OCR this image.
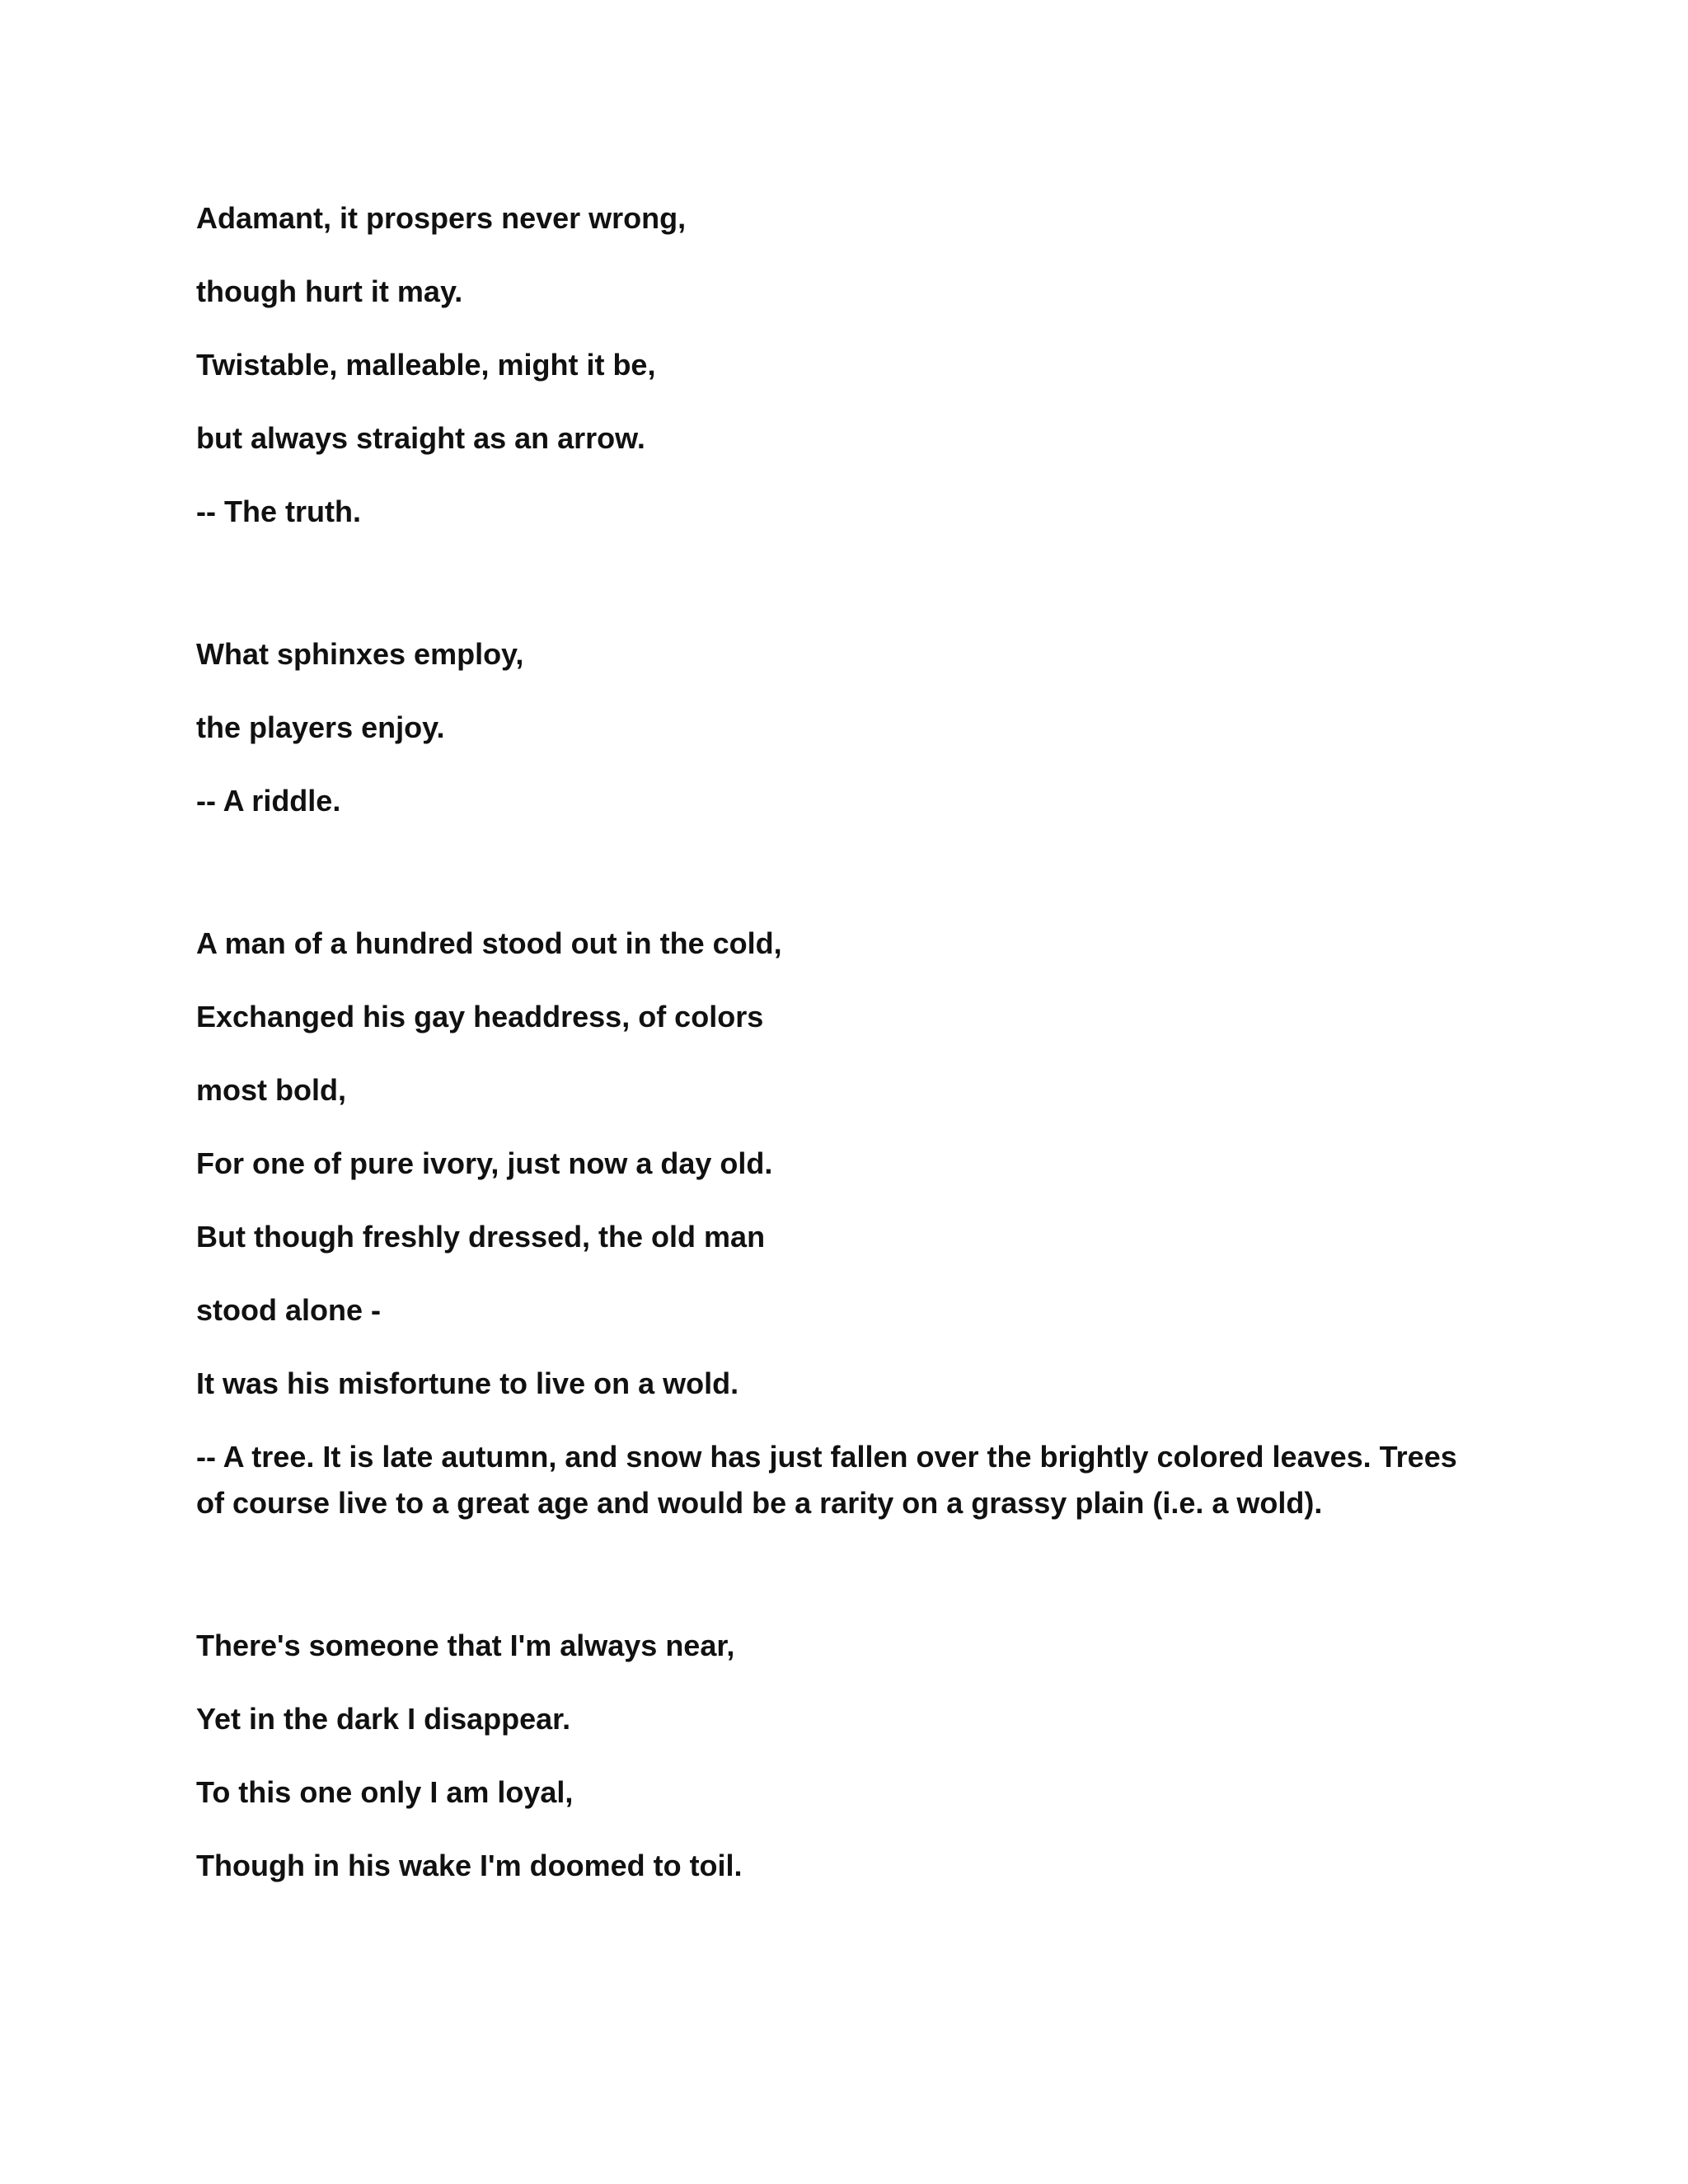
Adamant, it prospers never wrong,
though hurt it may.
Twistable, malleable, might it be,
but always straight as an arrow.
-- The truth.
What sphinxes employ,
the players enjoy.
-- A riddle.
A man of a hundred stood out in the cold,
Exchanged his gay headdress, of colors
most bold,
For one of pure ivory, just now a day old.
But though freshly dressed, the old man
stood alone -
It was his misfortune to live on a wold.
-- A tree. It is late autumn, and snow has just fallen over the brightly colored leaves. Trees of course live to a great age and would be a rarity on a grassy plain (i.e. a wold).
There's someone that I'm always near,
Yet in the dark I disappear.
To this one only I am loyal,
Though in his wake I'm doomed to toil.
